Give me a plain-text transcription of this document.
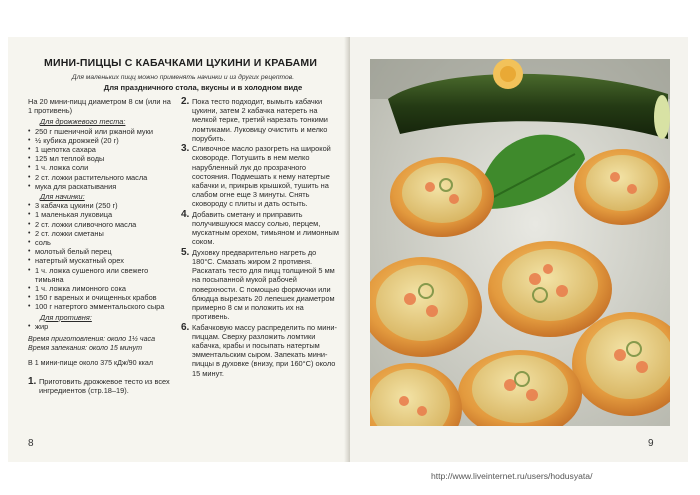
МИНИ-ПИЦЦЫ С КАБАЧКАМИ ЦУКИНИ И КРАБАМИ
Для маленьких пицц можно применять начинки и из других рецептов.
Для праздничного стола, вкусны и в холодном виде
На 20 мини-пицц диаметром 8 см (или на 1 противень)
Для дрожжевого теста:
• 250 г пшеничной или ржаной муки
• ½ кубика дрожжей (20 г)
• 1 щепотка сахара
• 125 мл теплой воды
• 1 ч. ложка соли
• 2 ст. ложки растительного масла
• мука для раскатывания
Для начинки:
• 3 кабачка цукини (250 г)
• 1 маленькая луковица
• 2 ст. ложки сливочного масла
• 2 ст. ложки сметаны
• соль
• молотый белый перец
• натертый мускатный орех
• 1 ч. ложка сушеного или свежего тимьяна
• 1 ч. ложка лимонного сока
• 150 г вареных и очищенных крабов
• 100 г натертого эмментальского сыра
Для противня:
• жир
Время приготовления: около 1½ часа
Время запекания: около 15 минут
В 1 мини-пище около 375 кДж/90 ккал
1. Приготовить дрожжевое тесто из всех ингредиентов (стр.18–19).
2. Пока тесто подходит, вымыть кабачки цукини, затем 2 кабачка натереть на мелкой терке, третий нарезать тонкими ломтиками. Луковицу очистить и мелко порубить.
3. Сливочное масло разогреть на широкой сковороде. Потушить в нем мелко нарубленный лук до прозрачного состояния. Подмешать к нему натертые кабачки и, прикрыв крышкой, тушить на слабом огне еще 3 минуты. Снять сковороду с плиты и дать остыть.
4. Добавить сметану и приправить получившуюся массу солью, перцем, мускатным орехом, тимьяном и лимонным соком.
5. Духовку предварительно нагреть до 180°С. Смазать жиром 2 противня. Раскатать тесто для пицц толщиной 5 мм на посыпанной мукой рабочей поверхности. С помощью формочки или блюдца вырезать 20 лепешек диаметром примерно 8 см и положить их на противень.
6. Кабачковую массу распределить по мини-пиццам. Сверху разложить ломтики кабачка, крабы и посыпать натертым эмментальским сыром. Запекать мини-пиццы в духовке (внизу, при 160°С) около 15 минут.
8	9
http://www.liveinternet.ru/users/hodusyata/
